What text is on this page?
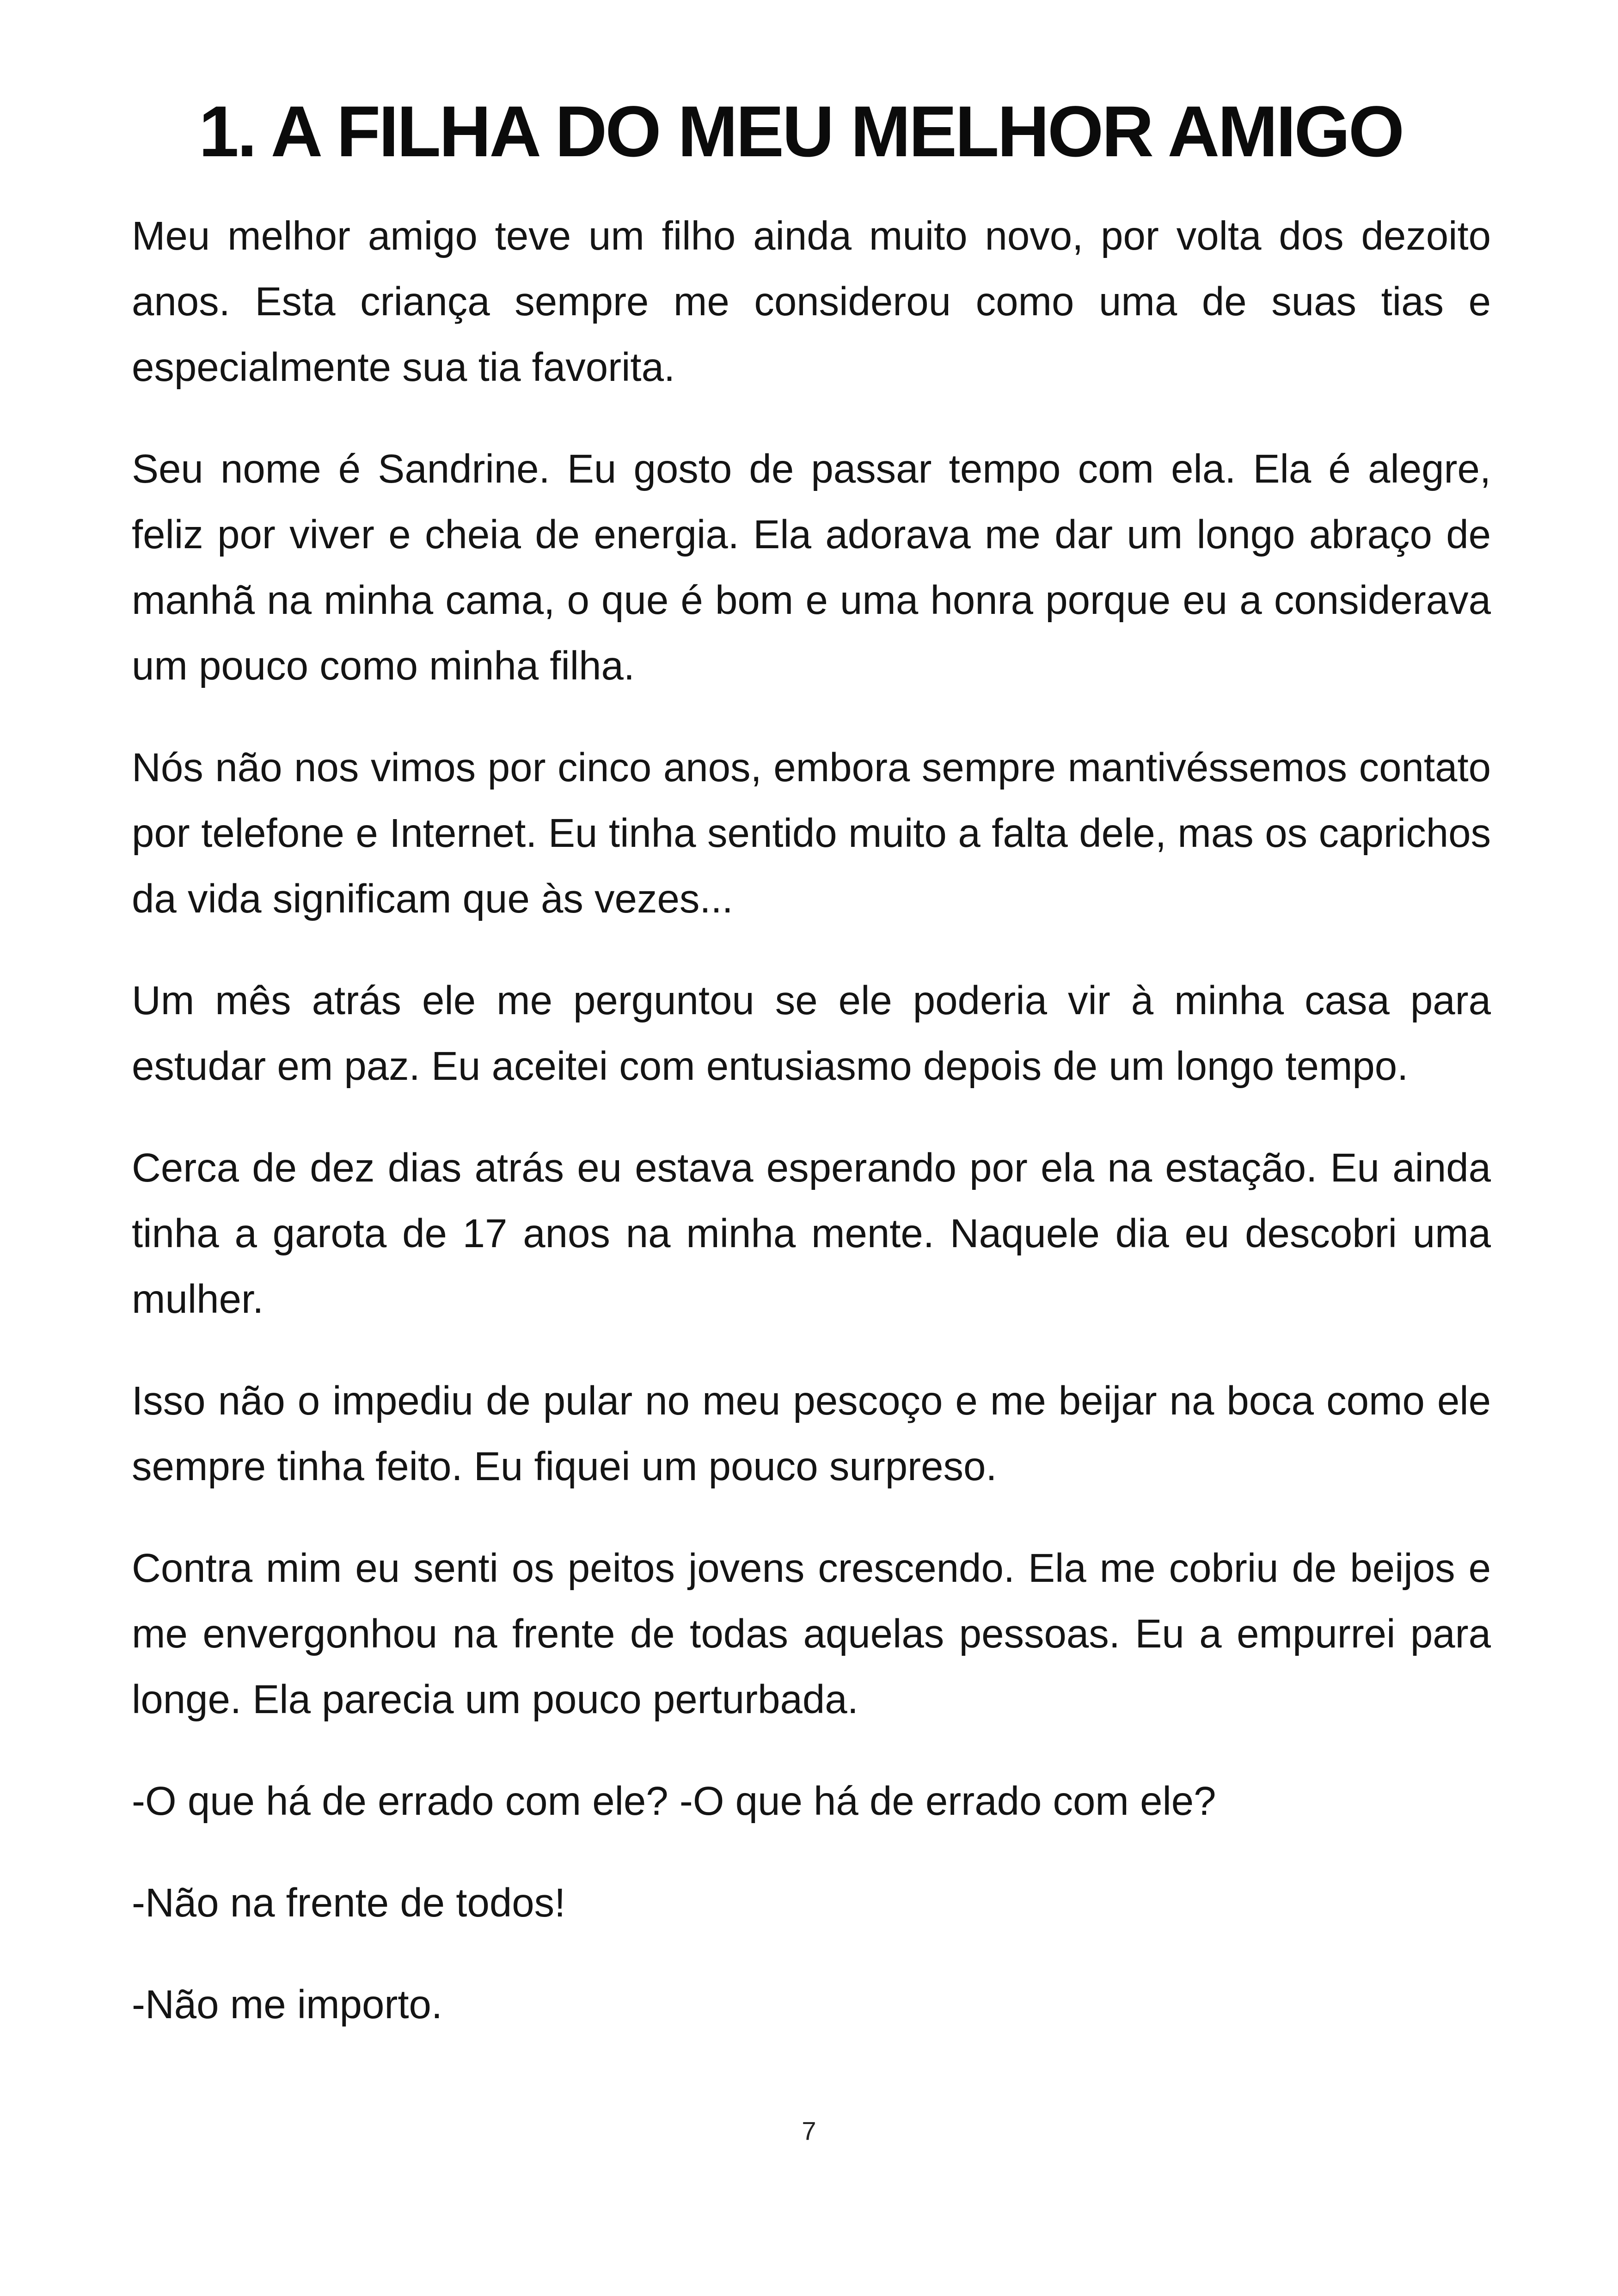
1. A FILHA DO MEU MELHOR AMIGO

Meu melhor amigo teve um filho ainda muito novo, por volta dos dezoito anos. Esta criança sempre me considerou como uma de suas tias e especialmente sua tia favorita.

Seu nome é Sandrine. Eu gosto de passar tempo com ela. Ela é alegre, feliz por viver e cheia de energia. Ela adorava me dar um longo abraço de manhã na minha cama, o que é bom e uma honra porque eu a considerava um pouco como minha filha.

Nós não nos vimos por cinco anos, embora sempre mantivéssemos contato por telefone e Internet. Eu tinha sentido muito a falta dele, mas os caprichos da vida significam que às vezes...

Um mês atrás ele me perguntou se ele poderia vir à minha casa para estudar em paz. Eu aceitei com entusiasmo depois de um longo tempo.

Cerca de dez dias atrás eu estava esperando por ela na estação. Eu ainda tinha a garota de 17 anos na minha mente. Naquele dia eu descobri uma mulher.

Isso não o impediu de pular no meu pescoço e me beijar na boca como ele sempre tinha feito. Eu fiquei um pouco surpreso.

Contra mim eu senti os peitos jovens crescendo. Ela me cobriu de beijos e me envergonhou na frente de todas aquelas pessoas. Eu a empurrei para longe. Ela parecia um pouco perturbada.

-O que há de errado com ele? -O que há de errado com ele?

-Não na frente de todos!

-Não me importo.

7
